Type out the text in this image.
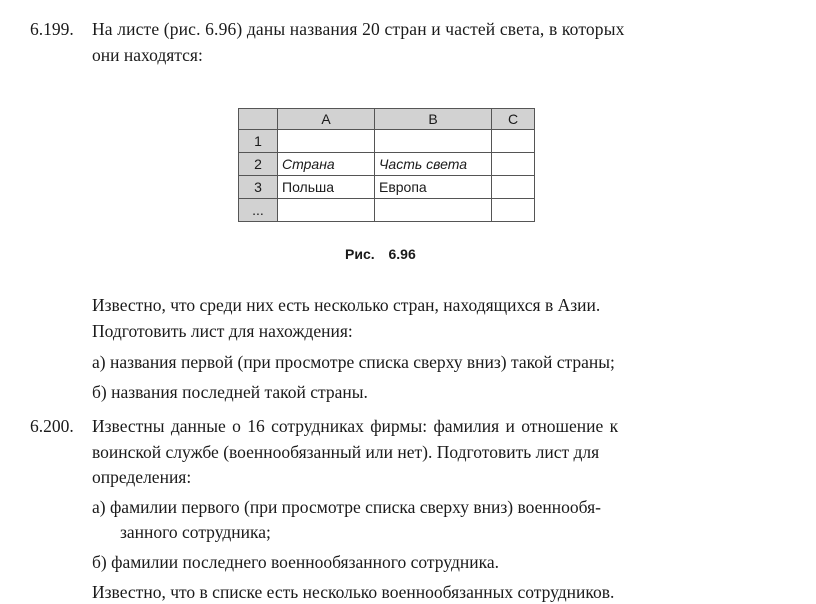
6.199. На листе (рис. 6.96) даны названия 20 стран и частей света, в которых

они находятся:

	A	B	C
1			
2	Страна	Часть света	
3	Польша	Европа	
...			
Рис. 6.96

Известно, что среди них есть несколько стран, находящихся в Азии.

Подготовить лист для нахождения:

а) названия первой (при просмотре списка сверху вниз) такой страны;

б) названия последней такой страны.

6.200. Известны данные о 16 сотрудниках фирмы: фамилия и отношение к

воинской службе (военнообязанный или нет). Подготовить лист для

определения:

а) фамилии первого (при просмотре списка сверху вниз) военнообя-

занного сотрудника;

б) фамилии последнего военнообязанного сотрудника.

Известно, что в списке есть несколько военнообязанных сотрудников.
